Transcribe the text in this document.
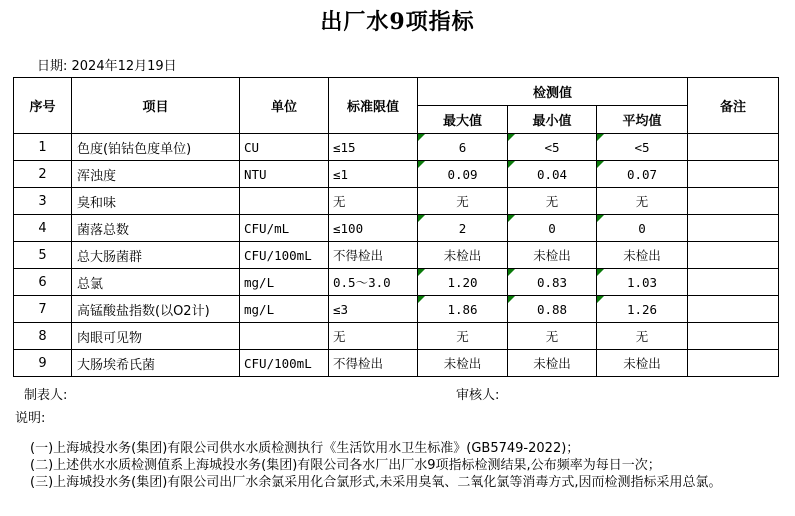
出厂水9项指标
日期: 2024年12月19日
序号	项目	单位	标准限值	检测值			备注
				最大值	最小值	平均值	
1	色度(铂钴色度单位)	CU	≤15	6	<5	<5	
2	浑浊度	NTU	≤1	0.09	0.04	0.07	
3	臭和味		无	无	无	无	
4	菌落总数	CFU/mL	≤100	2	0	0	
5	总大肠菌群	CFU/100mL	不得检出	未检出	未检出	未检出	
6	总氯	mg/L	0.5～3.0	1.20	0.83	1.03	
7	高锰酸盐指数(以O2计)	mg/L	≤3	1.86	0.88	1.26	
8	肉眼可见物		无	无	无	无	
9	大肠埃希氏菌	CFU/100mL	不得检出	未检出	未检出	未检出	
制表人:	审核人:
说明:
(一)上海城投水务(集团)有限公司供水水质检测执行《生活饮用水卫生标准》(GB5749-2022)；
(二)上述供水水质检测值系上海城投水务(集团)有限公司各水厂出厂水9项指标检测结果,公布频率为每日一次；
(三)上海城投水务(集团)有限公司出厂水余氯采用化合氯形式,未采用臭氧、二氧化氯等消毒方式,因而检测指标采用总氯。
